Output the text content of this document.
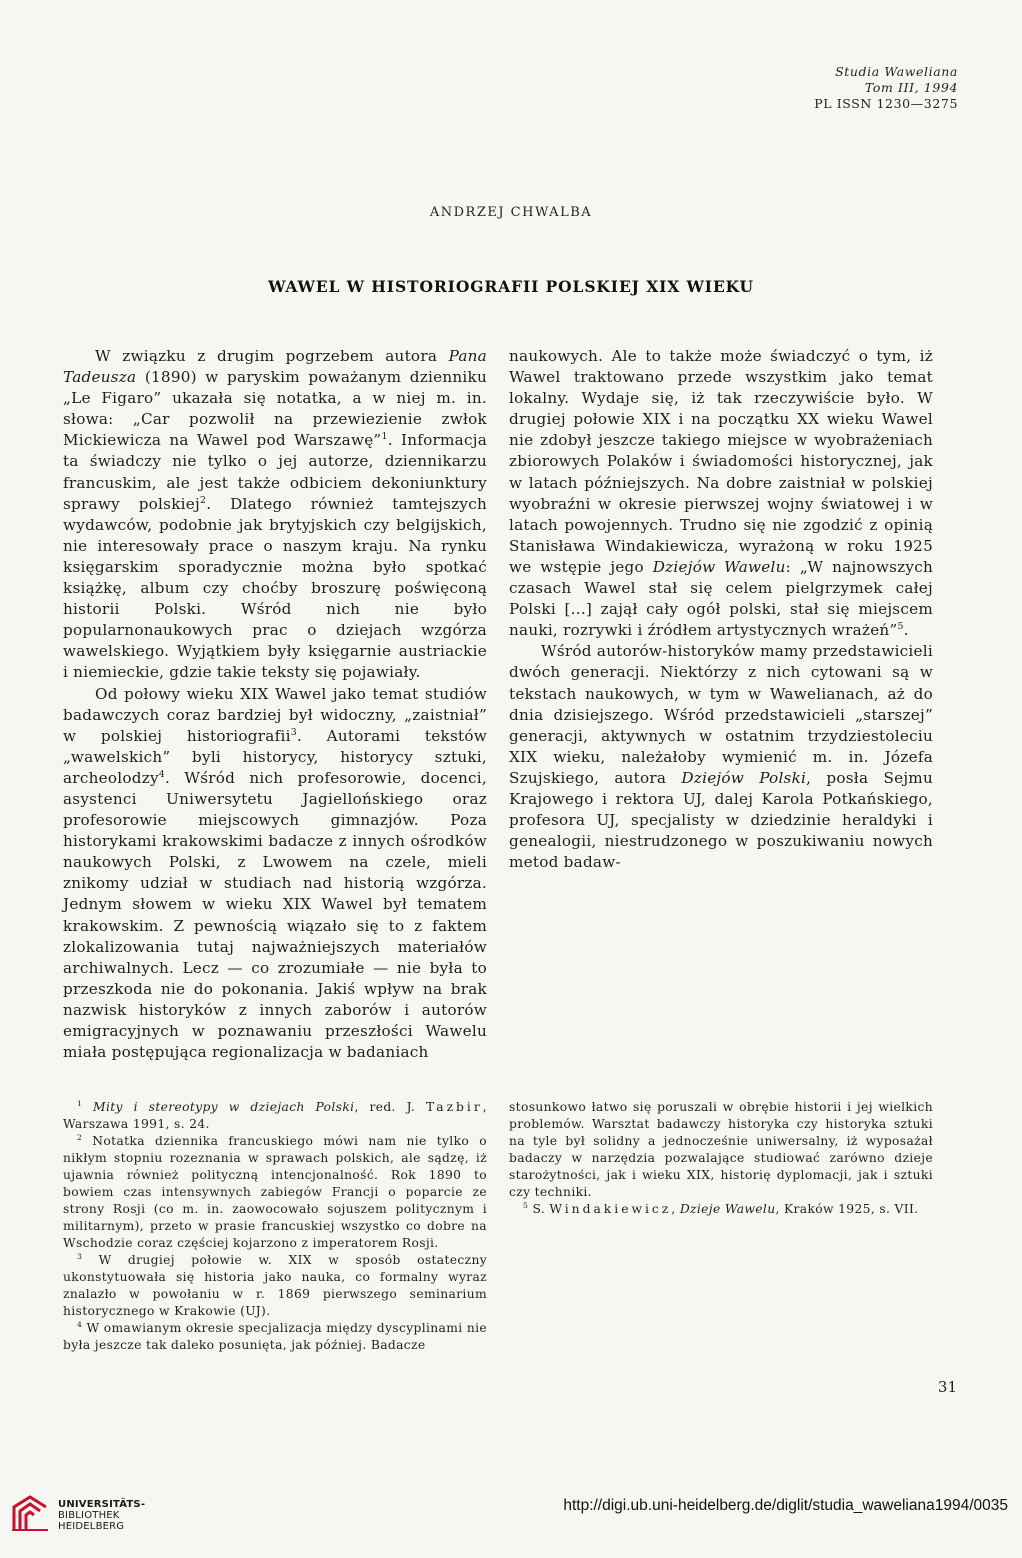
Studia Waweliana
Tom III, 1994
PL ISSN 1230—3275
ANDRZEJ CHWALBA
WAWEL W HISTORIOGRAFII POLSKIEJ XIX WIEKU

W związku z drugim pogrzebem autora Pana Tadeusza (1890) w paryskim poważanym dzienniku „Le Figaro” ukazała się notatka, a w niej m. in. słowa: „Car pozwolił na przewiezienie zwłok Mickiewicza na Wawel pod Warszawę”$^1$. Informacja ta świadczy nie tylko o jej autorze, dziennikarzu francuskim, ale jest także odbiciem dekoniunktury sprawy polskiej$^2$. Dlatego również tamtejszych wydawców, podobnie jak brytyjskich czy belgijskich, nie interesowały prace o naszym kraju. Na rynku księgarskim sporadycznie można było spotkać książkę, album czy choćby broszurę poświęconą historii Polski. Wśród nich nie było popularnonaukowych prac o dziejach wzgórza wawelskiego. Wyjątkiem były księgarnie austriackie i niemieckie, gdzie takie teksty się pojawiały.

Od połowy wieku XIX Wawel jako temat studiów badawczych coraz bardziej był widoczny, „zaistniał” w polskiej historiografii$^3$. Autorami tekstów „wawelskich” byli historycy, historycy sztuki, archeolodzy$^4$. Wśród nich profesorowie, docenci, asystenci Uniwersytetu Jagiellońskiego oraz profesorowie miejscowych gimnazjów. Poza historykami krakowskimi badacze z innych ośrodków naukowych Polski, z Lwowem na czele, mieli znikomy udział w studiach nad historią wzgórza. Jednym słowem w wieku XIX Wawel był tematem krakowskim. Z pewnością wiązało się to z faktem zlokalizowania tutaj najważniejszych materiałów archiwalnych. Lecz — co zrozumiałe — nie była to przeszkoda nie do pokonania. Jakiś wpływ na brak nazwisk historyków z innych zaborów i autorów emigracyjnych w poznawaniu przeszłości Wawelu miała postępująca regionalizacja w badaniach

naukowych. Ale to także może świadczyć o tym, iż Wawel traktowano przede wszystkim jako temat lokalny. Wydaje się, iż tak rzeczywiście było. W drugiej połowie XIX i na początku XX wieku Wawel nie zdobył jeszcze takiego miejsce w wyobrażeniach zbiorowych Polaków i świadomości historycznej, jak w latach późniejszych. Na dobre zaistniał w polskiej wyobraźni w okresie pierwszej wojny światowej i w latach powojennych. Trudno się nie zgodzić z opinią Stanisława Windakiewicza, wyrażoną w roku 1925 we wstępie jego Dziejów Wawelu: „W najnowszych czasach Wawel stał się celem pielgrzymek całej Polski [...] zajął cały ogół polski, stał się miejscem nauki, rozrywki i źródłem artystycznych wrażeń”$^5$.

Wśród autorów-historyków mamy przedstawicieli dwóch generacji. Niektórzy z nich cytowani są w tekstach naukowych, w tym w Wawelianach, aż do dnia dzisiejszego. Wśród przedstawicieli „starszej” generacji, aktywnych w ostatnim trzydziestoleciu XIX wieku, należałoby wymienić m. in. Józefa Szujskiego, autora Dziejów Polski, posła Sejmu Krajowego i rektora UJ, dalej Karola Potkańskiego, profesora UJ, specjalisty w dziedzinie heraldyki i genealogii, niestrudzonego w poszukiwaniu nowych metod badaw-

$^1$ Mity i stereotypy w dziejach Polski, red. J. Tazbir, Warszawa 1991, s. 24.

$^2$ Notatka dziennika francuskiego mówi nam nie tylko o nikłym stopniu rozeznania w sprawach polskich, ale sądzę, iż ujawnia również polityczną intencjonalność. Rok 1890 to bowiem czas intensywnych zabiegów Francji o poparcie ze strony Rosji (co m. in. zaowocowało sojuszem politycznym i militarnym), przeto w prasie francuskiej wszystko co dobre na Wschodzie coraz częściej kojarzono z imperatorem Rosji.

$^3$ W drugiej połowie w. XIX w sposób ostateczny ukonstytuowała się historia jako nauka, co formalny wyraz znalazło w powołaniu w r. 1869 pierwszego seminarium historycznego w Krakowie (UJ).

$^4$ W omawianym okresie specjalizacja między dyscyplinami nie była jeszcze tak daleko posunięta, jak później. Badacze

stosunkowo łatwo się poruszali w obrębie historii i jej wielkich problemów. Warsztat badawczy historyka czy historyka sztuki na tyle był solidny a jednocześnie uniwersalny, iż wyposażał badaczy w narzędzia pozwalające studiować zarówno dzieje starożytności, jak i wieku XIX, historię dyplomacji, jak i sztuki czy techniki.

$^5$ S. Windakiewicz, Dzieje Wawelu, Kraków 1925, s. VII.

31
UNIVERSITÄTS-
BIBLIOTHEK
HEIDELBERG
http://digi.ub.uni-heidelberg.de/diglit/studia_waweliana1994/0035
